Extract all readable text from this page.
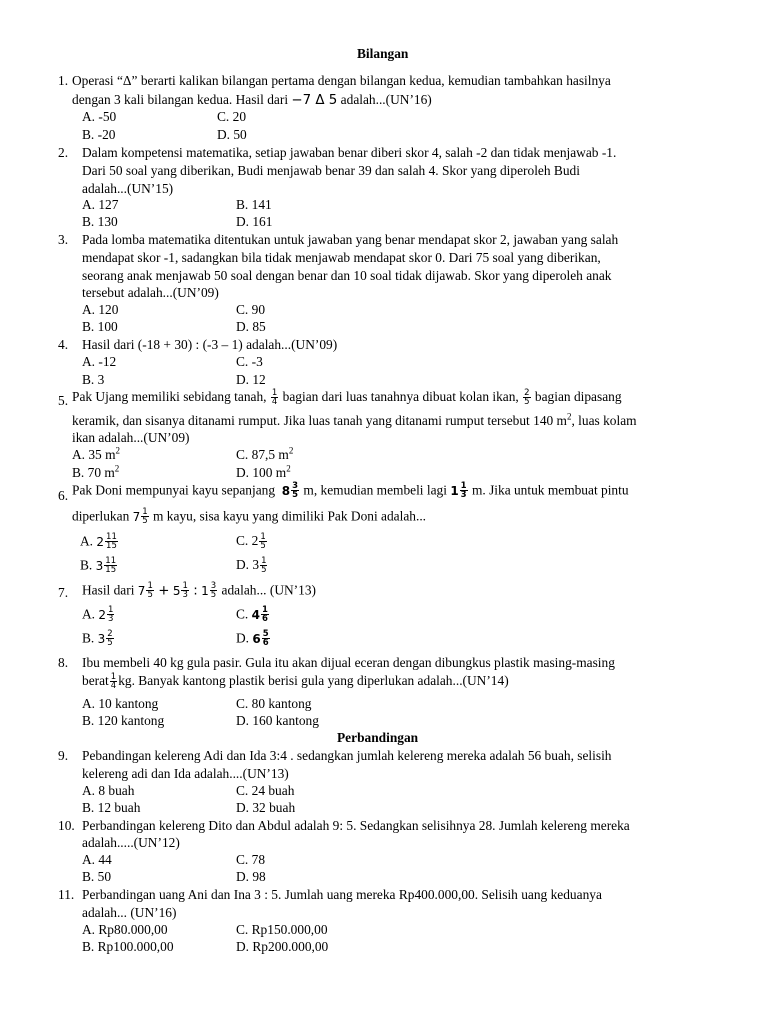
Bilangan
1. Operasi “Δ” berarti kalikan bilangan pertama dengan bilangan kedua, kemudian tambahkan hasilnya
dengan 3 kali bilangan kedua. Hasil dari −7 Δ 5 adalah...(UN’16)
A. -50	C. 20
B. -20	D. 50
2. Dalam kompetensi matematika, setiap jawaban benar diberi skor 4, salah -2 dan tidak menjawab -1.
Dari 50 soal yang diberikan, Budi menjawab benar 39 dan salah 4. Skor yang diperoleh Budi
adalah...(UN’15)
A. 127	B. 141
B. 130	D. 161
3. Pada lomba matematika ditentukan untuk jawaban yang benar mendapat skor 2, jawaban yang salah
mendapat skor -1, sadangkan bila tidak menjawab mendapat skor 0. Dari 75 soal yang diberikan,
seorang anak menjawab 50 soal dengan benar dan 10 soal tidak dijawab. Skor yang diperoleh anak
tersebut adalah...(UN’09)
A. 120	C. 90
B. 100	D. 85
4. Hasil dari (-18 + 30) : (-3 – 1) adalah...(UN’09)
A. -12	C. -3
B. 3	D. 12
5. Pak Ujang memiliki sebidang tanah, $\frac{1}{4}$ bagian dari luas tanahnya dibuat kolan ikan, $\frac{2}{5}$ bagian dipasang
keramik, dan sisanya ditanami rumput. Jika luas tanah yang ditanami rumput tersebut 140 $m^2$, luas kolam
ikan adalah...(UN’09)
A. 35 $m^2$	C. 87,5 $m^2$
B. 70 $m^2$	D. 100 $m^2$
6. Pak Doni mempunyai kayu sepanjang $8 \frac{3}{5} m$, kemudian membeli lagi $1 \frac{1}{3} m$. Jika untuk membuat pintu
diperlukan $7 \frac{1}{5}$ m kayu, sisa kayu yang dimiliki Pak Doni adalah...
A. $2 \frac{11}{15}$	C. $2 \frac{1}{5}$
B. $3 \frac{11}{15}$	D. $3 \frac{1}{5}$
7. Hasil dari $7 \frac{1}{5} + 5 \frac{1}{3}$ : $1 \frac{3}{5}$ adalah... (UN’13)
A. $2 \frac{1}{3}$	C. $4 \frac{1}{6}$
B. $3 \frac{2}{5}$	D. $6 \frac{5}{6}$
8. Ibu membeli 40 kg gula pasir. Gula itu akan dijual eceran dengan dibungkus plastik masing-masing
berat $\frac{1}{4}$ kg. Banyak kantong plastik berisi gula yang diperlukan adalah...(UN’14)
A. 10 kantong	C. 80 kantong
B. 120 kantong	D. 160 kantong
Perbandingan
9. Pebandingan kelereng Adi dan Ida 3:4 . sedangkan jumlah kelereng mereka adalah 56 buah, selisih
kelereng adi dan Ida adalah....(UN’13)
A. 8 buah	C. 24 buah
B. 12 buah	D. 32 buah
10. Perbandingan kelereng Dito dan Abdul adalah 9: 5. Sedangkan selisihnya 28. Jumlah kelereng mereka
adalah.....(UN’12)
A. 44	C. 78
B. 50	D. 98
11. Perbandingan uang Ani dan Ina 3 : 5. Jumlah uang mereka Rp400.000,00. Selisih uang keduanya
adalah... (UN’16)
A. Rp80.000,00	C. Rp150.000,00
B. Rp100.000,00	D. Rp200.000,00
